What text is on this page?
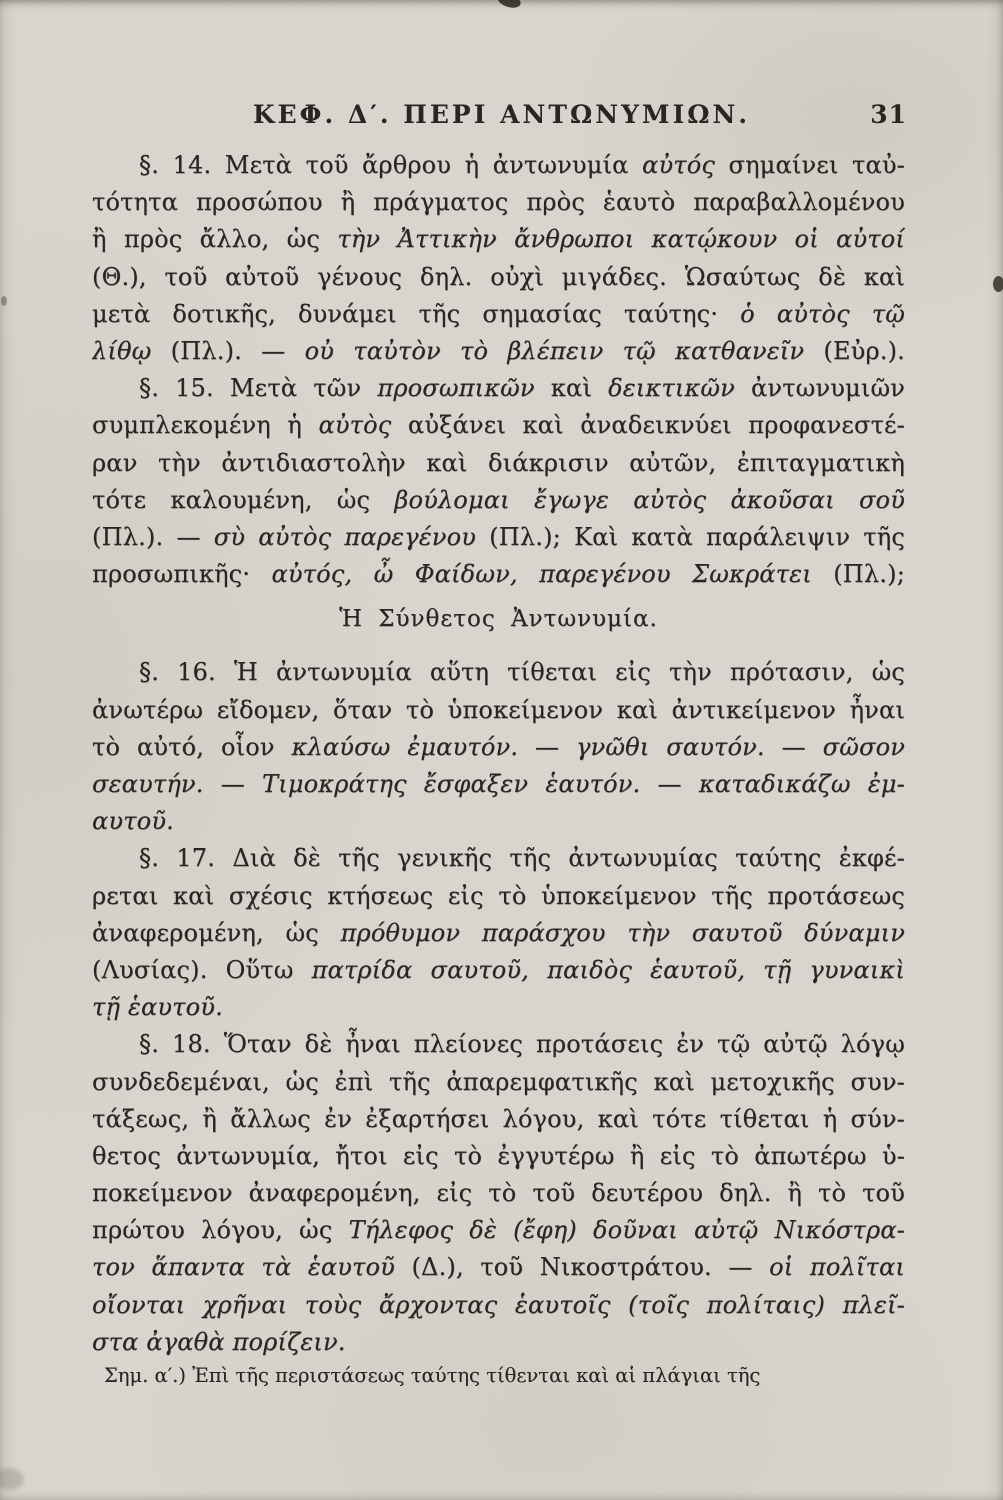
ΚΕΦ. Δ′. ΠΕΡΙ ΑΝΤΩΝΥΜΙΩΝ.	31
§. 14. Μετὰ τοῦ ἄρθρου ἡ ἀντωνυμία αὐτός σημαίνει ταὐ-
τότητα προσώπου ἢ πράγματος πρὸς ἑαυτὸ παραβαλλομένου
ἢ πρὸς ἄλλο, ὡς τὴν Ἀττικὴν ἄνθρωποι κατῴκουν οἱ αὐτοί
(Θ.), τοῦ αὐτοῦ γένους δηλ. οὐχὶ μιγάδες. Ὡσαύτως δὲ καὶ
μετὰ δοτικῆς, δυνάμει τῆς σημασίας ταύτης· ὁ αὐτὸς τῷ
λίθῳ (Πλ.). — οὐ ταὐτὸν τὸ βλέπειν τῷ κατθανεῖν (Εὐρ.).
§. 15. Μετὰ τῶν προσωπικῶν καὶ δεικτικῶν ἀντωνυμιῶν
συμπλεκομένη ἡ αὐτὸς αὐξάνει καὶ ἀναδεικνύει προφανεστέ-
ραν τὴν ἀντιδιαστολὴν καὶ διάκρισιν αὐτῶν, ἐπιταγματικὴ
τότε καλουμένη, ὡς βούλομαι ἔγωγε αὐτὸς ἀκοῦσαι σοῦ
(Πλ.). — σὺ αὐτὸς παρεγένου (Πλ.); Καὶ κατὰ παράλειψιν τῆς
προσωπικῆς· αὐτός, ὦ Φαίδων, παρεγένου Σωκράτει (Πλ.);
Ἡ Σύνθετος Ἀντωνυμία.
§. 16. Ἡ ἀντωνυμία αὕτη τίθεται εἰς τὴν πρότασιν, ὡς
ἀνωτέρω εἴδομεν, ὅταν τὸ ὑποκείμενον καὶ ἀντικείμενον ἦναι
τὸ αὐτό, οἷον κλαύσω ἐμαυτόν. — γνῶθι σαυτόν. — σῶσον
σεαυτήν. — Τιμοκράτης ἔσφαξεν ἑαυτόν. — καταδικάζω ἐμ-
αυτοῦ.
§. 17. Διὰ δὲ τῆς γενικῆς τῆς ἀντωνυμίας ταύτης ἐκφέ-
ρεται καὶ σχέσις κτήσεως εἰς τὸ ὑποκείμενον τῆς προτάσεως
ἀναφερομένη, ὡς πρόθυμον παράσχου τὴν σαυτοῦ δύναμιν
(Λυσίας). Οὕτω πατρίδα σαυτοῦ, παιδὸς ἑαυτοῦ, τῇ γυναικὶ
τῇ ἑαυτοῦ.
§. 18. Ὅταν δὲ ἦναι πλείονες προτάσεις ἐν τῷ αὐτῷ λόγῳ
συνδεδεμέναι, ὡς ἐπὶ τῆς ἀπαρεμφατικῆς καὶ μετοχικῆς συν-
τάξεως, ἢ ἄλλως ἐν ἐξαρτήσει λόγου, καὶ τότε τίθεται ἡ σύν-
θετος ἀντωνυμία, ἤτοι εἰς τὸ ἐγγυτέρω ἢ εἰς τὸ ἀπωτέρω ὑ-
ποκείμενον ἀναφερομένη, εἰς τὸ τοῦ δευτέρου δηλ. ἢ τὸ τοῦ
πρώτου λόγου, ὡς Τήλεφος δὲ (ἔφη) δοῦναι αὐτῷ Νικόστρα-
τον ἅπαντα τὰ ἑαυτοῦ (Δ.), τοῦ Νικοστράτου. — οἱ πολῖται
οἴονται χρῆναι τοὺς ἄρχοντας ἑαυτοῖς (τοῖς πολίταις) πλεῖ-
στα ἀγαθὰ πορίζειν.
Σημ. α′.) Ἐπὶ τῆς περιστάσεως ταύτης τίθενται καὶ αἱ πλάγιαι τῆς
